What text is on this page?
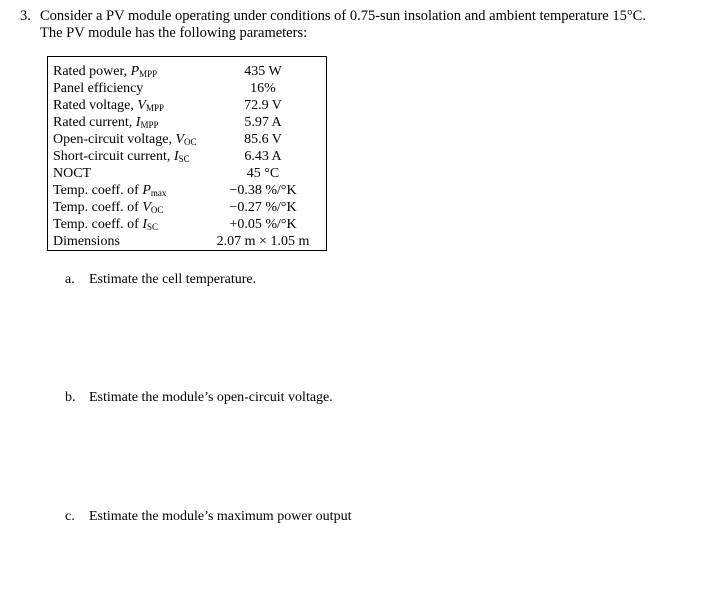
3. Consider a PV module operating under conditions of 0.75-sun insolation and ambient temperature 15°C.
The PV module has the following parameters:
Rated power, PMPP	435 W
Panel efficiency	16%
Rated voltage, VMPP	72.9 V
Rated current, IMPP	5.97 A
Open-circuit voltage, VOC	85.6 V
Short-circuit current, ISC	6.43 A
NOCT	45 °C
Temp. coeff. of Pmax	−0.38 %/°K
Temp. coeff. of VOC	−0.27 %/°K
Temp. coeff. of ISC	+0.05 %/°K
Dimensions	2.07 m × 1.05 m
a. Estimate the cell temperature.
b. Estimate the module’s open-circuit voltage.
c. Estimate the module’s maximum power output
